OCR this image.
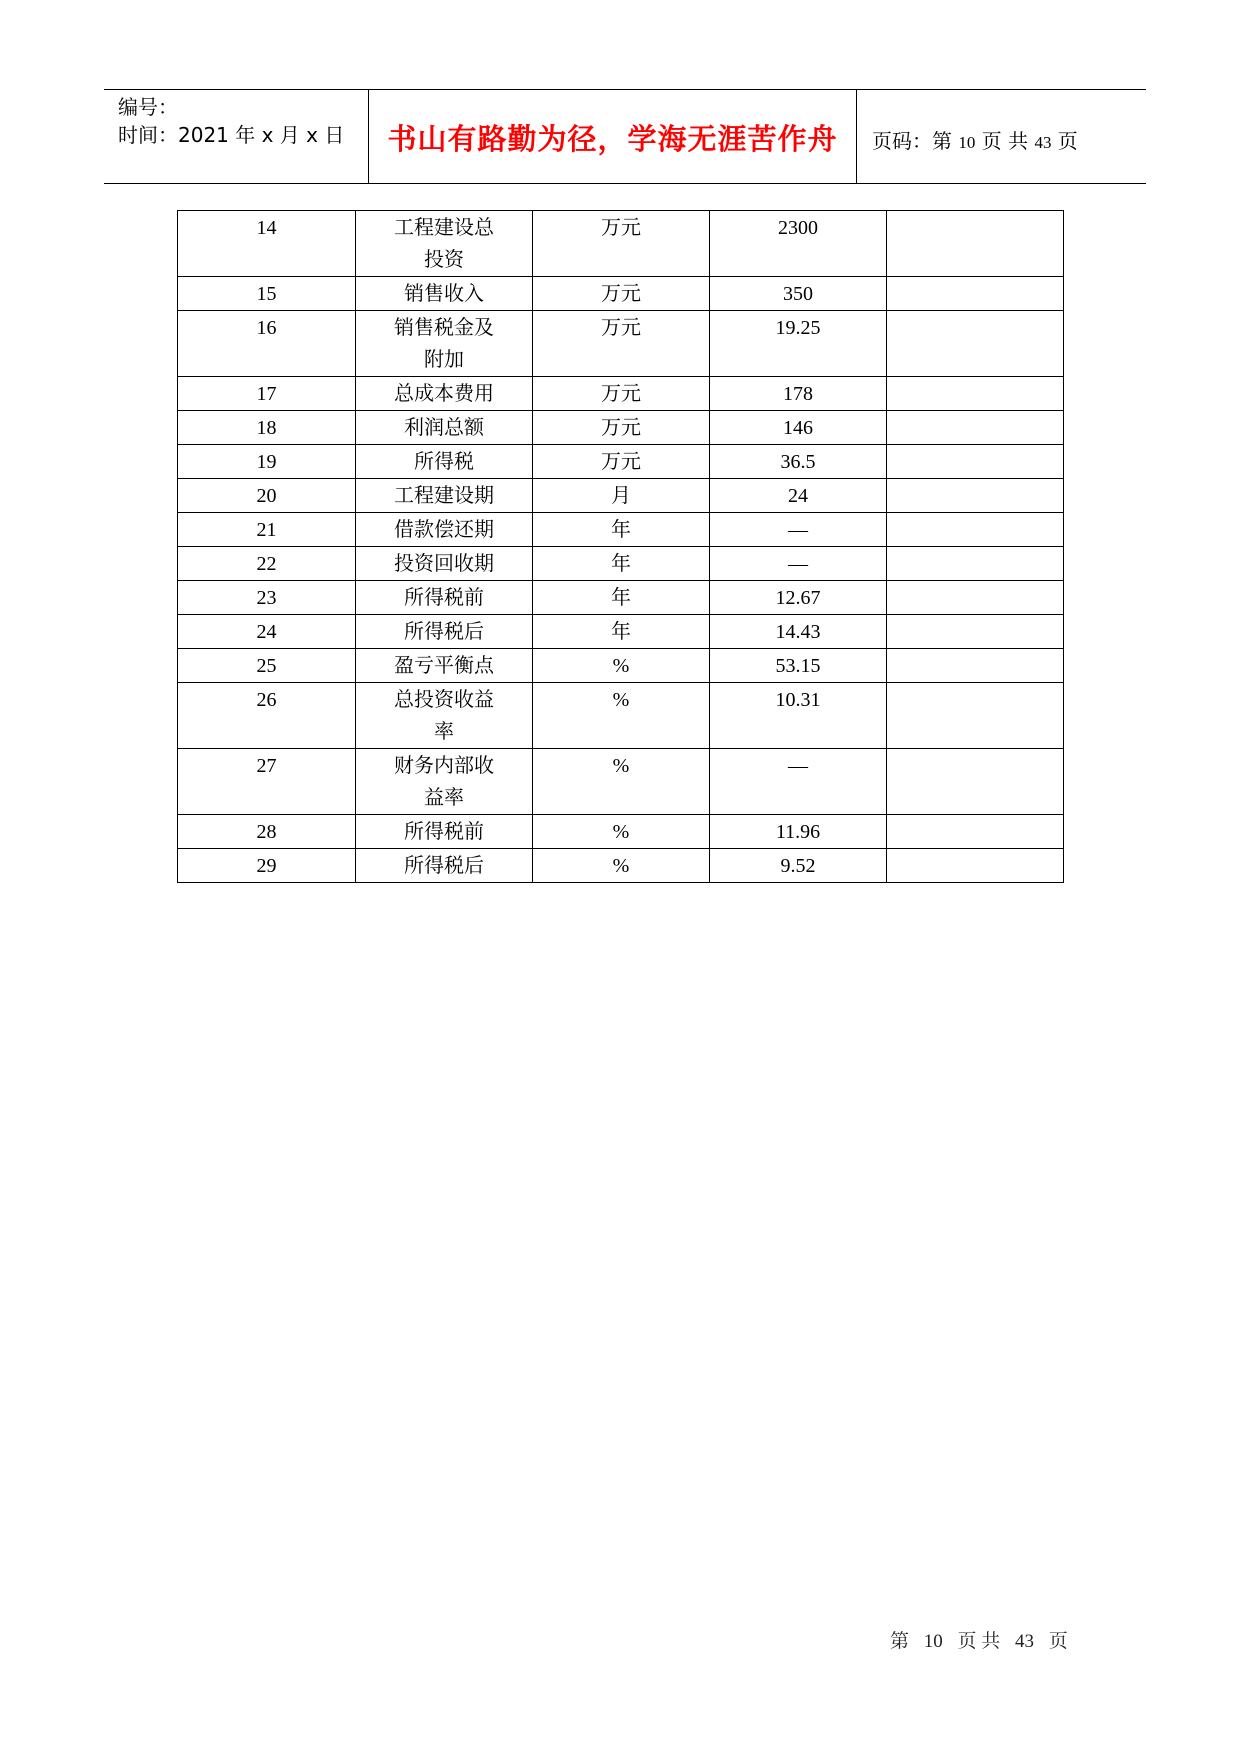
编号：
时间：2021 年 x 月 x 日	书山有路勤为径，学海无涯苦作舟	页码：第 10 页 共 43 页
14	工程建设总投资	万元	2300	
15	销售收入	万元	350	
16	销售税金及附加	万元	19.25	
17	总成本费用	万元	178	
18	利润总额	万元	146	
19	所得税	万元	36.5	
20	工程建设期	月	24	
21	借款偿还期	年	—	
22	投资回收期	年	—	
23	所得税前	年	12.67	
24	所得税后	年	14.43	
25	盈亏平衡点	%	53.15	
26	总投资收益率	%	10.31	
27	财务内部收益率	%	—	
28	所得税前	%	11.96	
29	所得税后	%	9.52	
第 10 页 共 43 页
